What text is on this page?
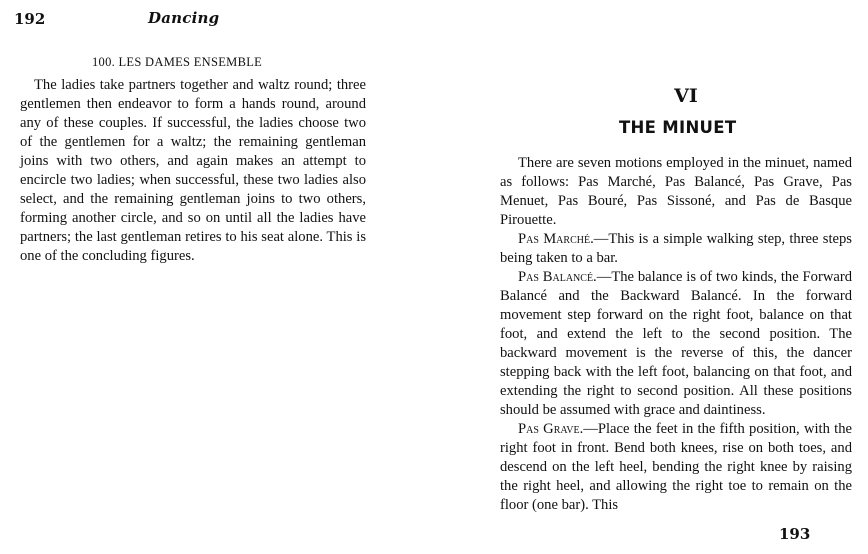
192	Dancing
100. LES DAMES ENSEMBLE

The ladies take partners together and waltz round; three gentlemen then endeavor to form a hands round, around any of these couples. If successful, the ladies choose two of the gentlemen for a waltz; the remaining gentleman joins with two others, and again makes an attempt to encircle two ladies; when successful, these two ladies also select, and the remaining gentleman joins to two others, forming another circle, and so on until all the ladies have partners; the last gentleman retires to his seat alone. This is one of the concluding figures.

VI
THE MINUET

There are seven motions employed in the minuet, named as follows: Pas Marché, Pas Balancé, Pas Grave, Pas Menuet, Pas Bouré, Pas Sissoné, and Pas de Basque Pirouette.

Pas Marché.—This is a simple walking step, three steps being taken to a bar.

Pas Balancé.—The balance is of two kinds, the Forward Balancé and the Backward Balancé. In the forward movement step forward on the right foot, balance on that foot, and extend the left to the second position. The backward movement is the reverse of this, the dancer stepping back with the left foot, balancing on that foot, and extending the right to second position. All these positions should be assumed with grace and daintiness.

Pas Grave.—Place the feet in the fifth position, with the right foot in front. Bend both knees, rise on both toes, and descend on the left heel, bending the right knee by raising the right heel, and allowing the right toe to remain on the floor (one bar). This

193
